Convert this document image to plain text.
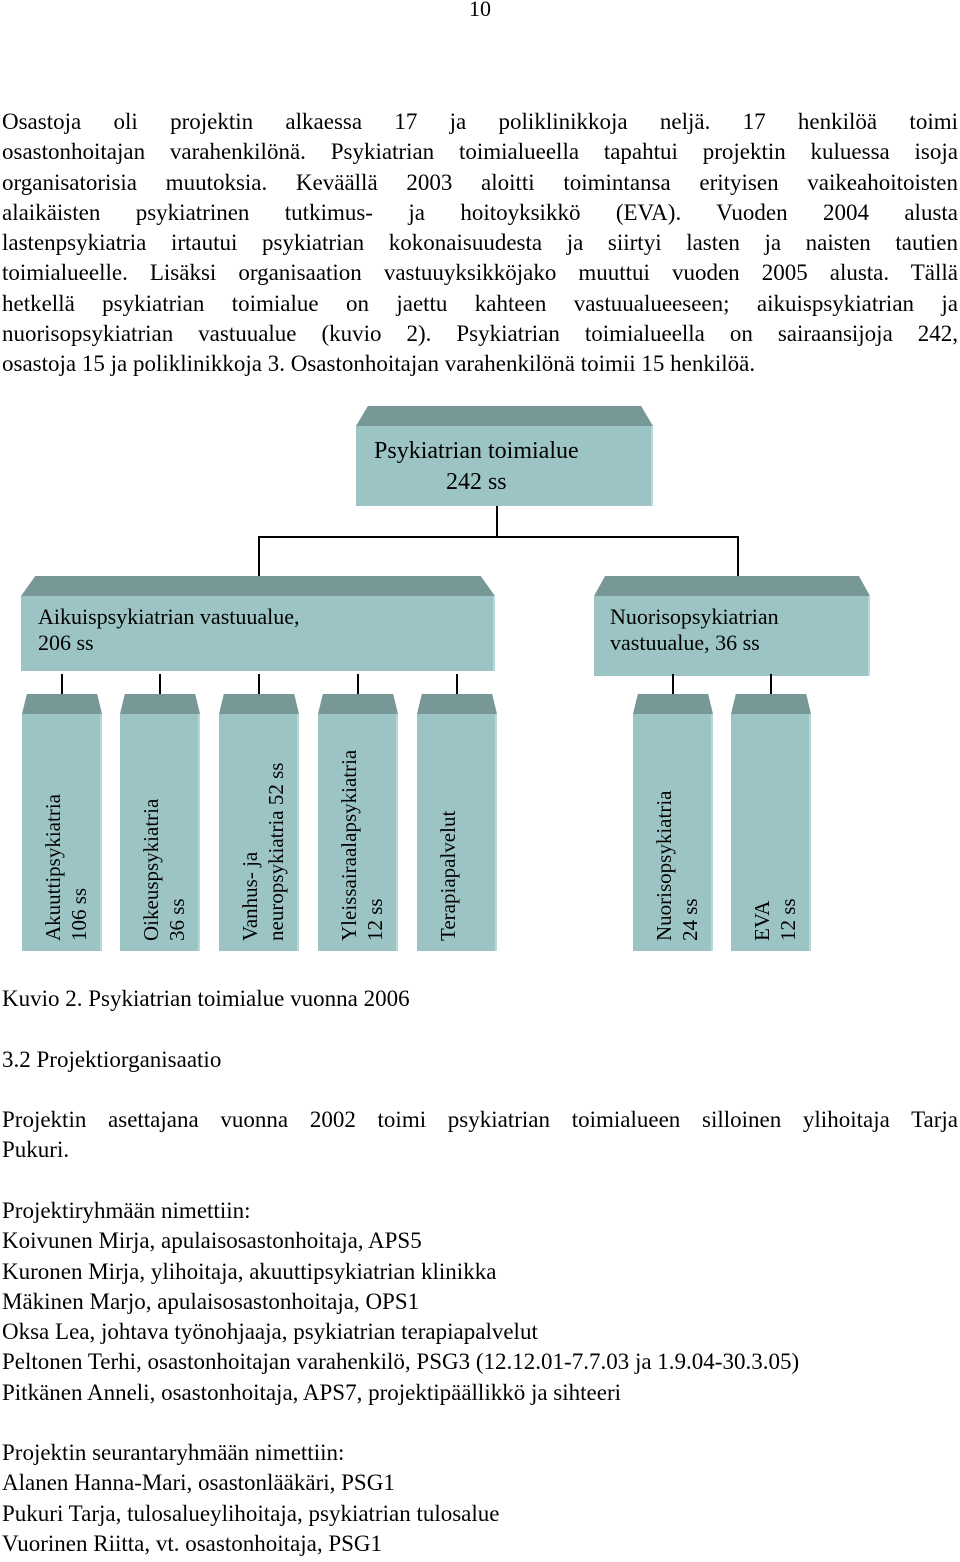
10
Osastoja oli projektin alkaessa 17 ja poliklinikkoja neljä. 17 henkilöä toimi
osastonhoitajan varahenkilönä. Psykiatrian toimialueella tapahtui projektin kuluessa isoja
organisatorisia muutoksia. Keväällä 2003 aloitti toimintansa erityisen vaikeahoitoisten
alaikäisten psykiatrinen tutkimus- ja hoitoyksikkö (EVA). Vuoden 2004 alusta
lastenpsykiatria irtautui psykiatrian kokonaisuudesta ja siirtyi lasten ja naisten tautien
toimialueelle. Lisäksi organisaation vastuuyksikköjako muuttui vuoden 2005 alusta. Tällä
hetkellä psykiatrian toimialue on jaettu kahteen vastuualueeseen; aikuispsykiatrian ja
nuorisopsykiatrian vastuualue (kuvio 2). Psykiatrian toimialueella on sairaansijoja 242,
osastoja 15 ja poliklinikkoja 3. Osastonhoitajan varahenkilönä toimii 15 henkilöä.
Psykiatrian toimialue
242 ss
Aikuispsykiatrian vastuualue,
206 ss
Nuorisopsykiatrian
vastuualue, 36 ss
Akuuttipsykiatria 106 ss Oikeuspsykiatria 36 ss Vanhus- ja neuropsykiatria 52 ss Yleissairaalapsykiatria 12 ss Terapiapalvelut	Nuorisopsykiatria 24 ss EVA 12 ss
Kuvio 2. Psykiatrian toimialue vuonna 2006
3.2 Projektiorganisaatio
Projektin asettajana vuonna 2002 toimi psykiatrian toimialueen silloinen ylihoitaja Tarja
Pukuri.
Projektiryhmään nimettiin:
Koivunen Mirja, apulaisosastonhoitaja, APS5
Kuronen Mirja, ylihoitaja, akuuttipsykiatrian klinikka
Mäkinen Marjo, apulaisosastonhoitaja, OPS1
Oksa Lea, johtava työnohjaaja, psykiatrian terapiapalvelut
Peltonen Terhi, osastonhoitajan varahenkilö, PSG3 (12.12.01-7.7.03 ja 1.9.04-30.3.05)
Pitkänen Anneli, osastonhoitaja, APS7, projektipäällikkö ja sihteeri
Projektin seurantaryhmään nimettiin:
Alanen Hanna-Mari, osastonlääkäri, PSG1
Pukuri Tarja, tulosalueylihoitaja, psykiatrian tulosalue
Vuorinen Riitta, vt. osastonhoitaja, PSG1
